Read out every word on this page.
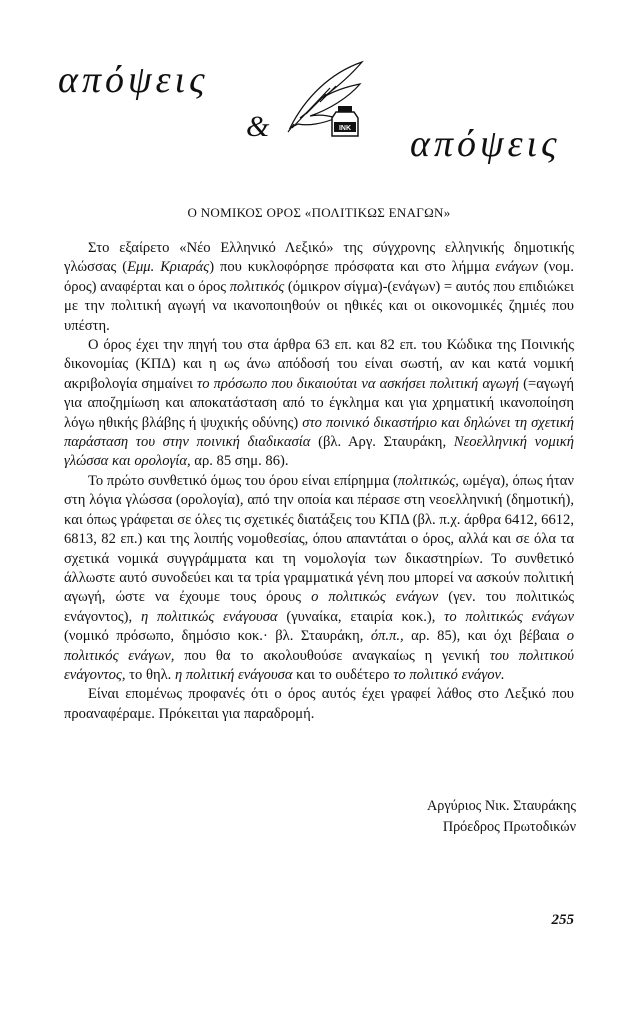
απόψεις
&	INK απόψεις
Ο ΝΟΜΙΚΟΣ ΟΡΟΣ «ΠΟΛΙΤΙΚΩΣ ΕΝΑΓΩΝ»

Στο εξαίρετο «Νέο Ελληνικό Λεξικό» της σύγχρονης ελληνικής δημοτικής γλώσσας (Εμμ. Κριαράς) που κυκλοφόρησε πρόσφατα και στο λήμμα ενάγων (νομ. όρος) αναφέρται και ο όρος πολιτικός (όμικρον σίγμα)-(ενάγων) = αυτός που επιδιώκει με την πολιτική αγωγή να ικανοποιηθούν οι ηθικές και οι οικονομικές ζημιές που υπέστη.

Ο όρος έχει την πηγή του στα άρθρα 63 επ. και 82 επ. του Κώδικα της Ποινικής δικονομίας (ΚΠΔ) και η ως άνω απόδοσή του είναι σωστή, αν και κατά νομική ακριβολογία σημαίνει το πρόσωπο που δικαιούται να ασκήσει πολιτική αγωγή (=αγωγή για αποζημίωση και αποκατάσταση από το έγκλημα και για χρηματική ικανοποίηση λόγω ηθικής βλάβης ή ψυχικής οδύνης) στο ποινικό δικαστήριο και δηλώνει τη σχετική παράσταση του στην ποινική διαδικασία (βλ. Αργ. Σταυράκη, Νεοελληνική νομική γλώσσα και ορολογία, αρ. 85 σημ. 86).

Το πρώτο συνθετικό όμως του όρου είναι επίρημμα (πολιτικώς, ωμέγα), όπως ήταν στη λόγια γλώσσα (ορολογία), από την οποία και πέρασε στη νεοελληνική (δημοτική), και όπως γράφεται σε όλες τις σχετικές διατάξεις του ΚΠΔ (βλ. π.χ. άρθρα 6412, 6612, 6813, 82 επ.) και της λοιπής νομοθεσίας, όπου απαντάται ο όρος, αλλά και σε όλα τα σχετικά νομικά συγγράμματα και τη νομολογία των δικαστηρίων. Το συνθετικό άλλωστε αυτό συνοδεύει και τα τρία γραμματικά γένη που μπορεί να ασκούν πολιτική αγωγή, ώστε να έχουμε τους όρους ο πολιτικώς ενάγων (γεν. του πολιτικώς ενάγοντος), η πολιτικώς ενάγουσα (γυναίκα, εταιρία κοκ.), το πολιτικώς ενάγων (νομικό πρόσωπο, δημόσιο κοκ.· βλ. Σταυράκη, όπ.π., αρ. 85), και όχι βέβαια ο πολιτικός ενάγων, που θα το ακολουθούσε αναγκαίως η γενική του πολιτικού ενάγοντος, το θηλ. η πολιτική ενάγουσα και το ουδέτερο το πολιτικό ενάγον.

Είναι επομένως προφανές ότι ο όρος αυτός έχει γραφεί λάθος στο Λεξικό που προαναφέραμε. Πρόκειται για παραδρομή.

Αργύριος Νικ. Σταυράκης
Πρόεδρος Πρωτοδικών
255
